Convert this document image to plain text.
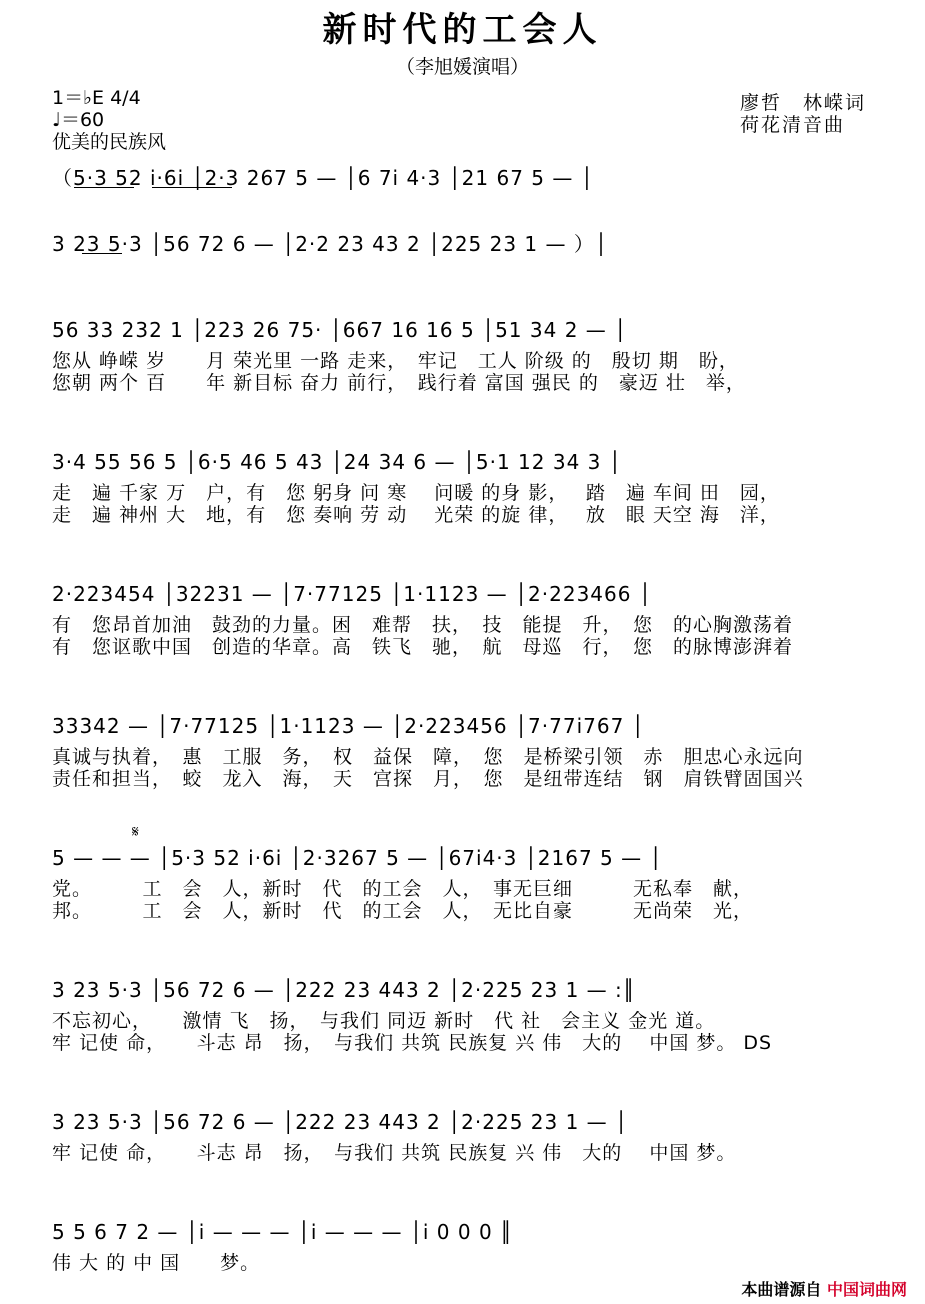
新时代的工会人
（李旭媛演唱）
1＝♭E 4/4
♩＝60
优美的民族风
廖哲　林嵘词
荷花清音曲
（5·3 52 i·6i │2·3 267 5 — │6 7i 4·3 │21 67 5 — │
3 23 5·3 │56 72 6 — │2·2 23 43 2 │225 23 1 — ）│
56 33 232 1 │223 26 75· │667 16 16 5 │51 34 2 — │
您从 峥嵘 岁　　月 荣光里 一路 走来，　牢记　工人 阶级 的　殷切 期　盼，
您朝 两个 百　　年 新目标 奋力 前行，　践行着 富国 强民 的　豪迈 壮　举，
3·4 55 56 5 │6·5 46 5 43 │24 34 6 — │5·1 12 34 3 │
走　遍 千家 万　户，有　您 躬身 问 寒　 问暖 的身 影，　 踏　遍 车间 田　园，
走　遍 神州 大　地，有　您 奏响 劳 动　 光荣 的旋 律，　 放　眼 天空 海　洋，
2·223454 │32231 — │7·77125 │1·1123 — │2·223466 │
有　您昂首加油　鼓劲的力量。困　难帮　扶，　技　能提　升，　您　的心胸激荡着
有　您讴歌中国　创造的华章。高　铁飞　驰，　航　母巡　行，　您　的脉博澎湃着
33342 — │7·77125 │1·1123 — │2·223456 │7·77i767 │
真诚与执着，　惠　工服　务，　权　益保　障，　您　是桥梁引领　赤　胆忠心永远向
责任和担当，　蛟　龙入　海，　天　宫探　月，　您　是纽带连结　钢　肩铁臂固国兴
𝄋
5 — — — │5·3 52 i·6i │2·3267 5 — │67i4·3 │2167 5 — │
党。　　　工　会　人，新时　代　的工会　人，　事无巨细　　　无私奉　献，
邦。　　　工　会　人，新时　代　的工会　人，　无比自豪　　　无尚荣　光，
3 23 5·3 │56 72 6 — │222 23 443 2 │2·225 23 1 — :║
不忘初心，　　激情 飞　扬，　与我们 同迈 新时　代 社　会主义 金光 道。
牢 记使 命，　　斗志 昂　扬，　与我们 共筑 民族复 兴 伟　大的　 中国 梦。 DS
3 23 5·3 │56 72 6 — │222 23 443 2 │2·225 23 1 — │
牢 记使 命，　　斗志 昂　扬，　与我们 共筑 民族复 兴 伟　大的　 中国 梦。
5 5 6 7 2 — │i — — — │i — — — │i 0 0 0 ║
伟 大 的 中 国　　梦。
本曲谱源自 中国词曲网
